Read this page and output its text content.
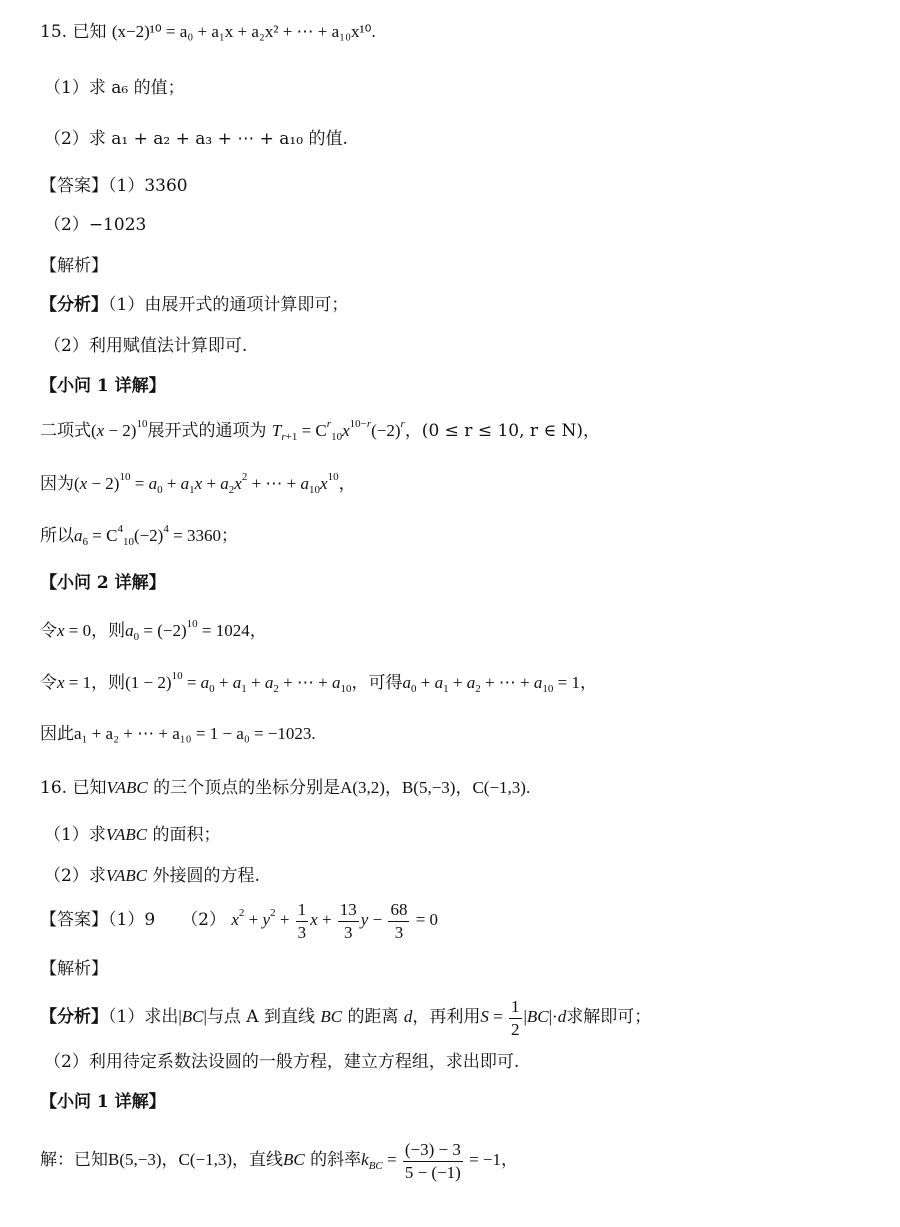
15. 已知 (x−2)¹⁰ = a₀ + a₁x + a₂x² + ⋯ + a₁₀x¹⁰.
（1）求 a₆ 的值；
（2）求 a₁ + a₂ + a₃ + ⋯ + a₁₀ 的值.
【答案】（1）3360
（2）−1023
【解析】
【分析】（1）由展开式的通项计算即可；
（2）利用赋值法计算即可.
【小问 1 详解】
二项式$(x - 2)^{10}$展开式的通项为 $T_{r+1} = C^r_{10}x^{10-r}(-2)^r$，(0 ≤ r ≤ 10, r ∈ N)，
因为$(x - 2)^{10} = a_0 + a_1x + a_2x^2$ + ⋯ + $a_{10}x^{10}$，
所以$a_6 = C^4_{10}(-2)^4 = 3360$；
【小问 2 详解】
令x = 0，则$a_0 = (-2)^{10} = 1024$，
令x = 1，则$(1 - 2)^{10} = a_0 + a_1 + a_2$ + ⋯ + $a_{10}$，可得$a_0 + a_1 + a_2$ + ⋯ + $a_{10} = 1$，
因此a₁ + a₂ + ⋯ + a₁₀ = 1 − a₀ = −1023.
16. 已知VABC 的三个顶点的坐标分别是A(3,2)，B(5,−3)，C(−1,3).
（1）求VABC 的面积；
（2）求VABC 外接圆的方程.
【答案】（1）9 （2） $x^2 + y^2 + \frac{1}{3}$ $x + \frac{13}{3}$ $y - \frac{68}{3} = 0$
【解析】
【分析】（1）求出|BC|与点 A 到直线 BC 的距离 d，再利用$S = \frac{1}{2} |BC|\cdot d$求解即可；
（2）利用待定系数法设圆的一般方程，建立方程组，求出即可.
【小问 1 详解】
解：已知B(5,−3)，C(−1,3)，直线BC 的斜率$k_{BC} = \frac{(-3) - 3}{5 - (-1)} = -1$，
